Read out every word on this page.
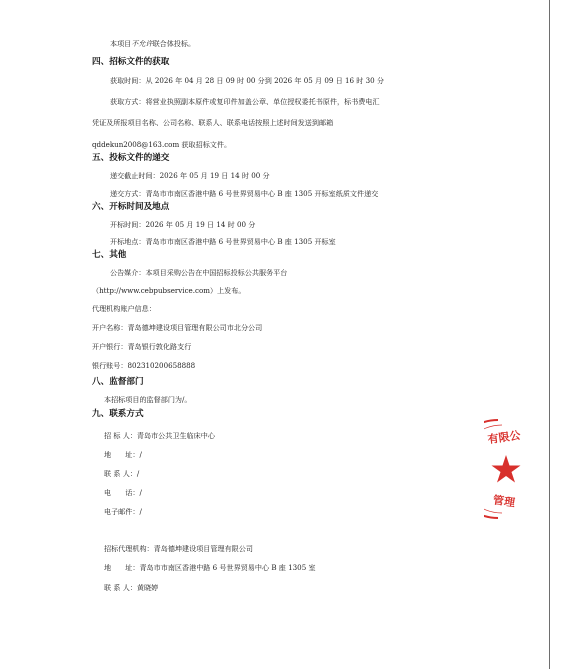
本项目不允许联合体投标。
四、招标文件的获取
获取时间：从 2026 年 04 月 28 日 09 时 00 分到 2026 年 05 月 09 日 16 时 30 分
获取方式：将营业执照副本原件或复印件加盖公章、单位授权委托书原件，标书费电汇
凭证及所报项目名称、公司名称、联系人、联系电话按照上述时间发送到邮箱
qddekun2008@163.com 获取招标文件。
五、投标文件的递交
递交截止时间：2026 年 05 月 19 日 14 时 00 分
递交方式：青岛市市南区香港中路 6 号世界贸易中心 B 座 1305 开标室纸质文件递交
六、开标时间及地点
开标时间：2026 年 05 月 19 日 14 时 00 分
开标地点：青岛市市南区香港中路 6 号世界贸易中心 B 座 1305 开标室
七、其他
公告媒介：本项目采购公告在中国招标投标公共服务平台
（http://www.cebpubservice.com）上发布。
代理机构账户信息：
开户名称：青岛德坤建设项目管理有限公司市北分公司
开户银行：青岛银行敦化路支行
银行账号：802310200658888
八、监督部门
本招标项目的监督部门为/。
九、联系方式
招 标 人：青岛市公共卫生临床中心
地　　址：/
联 系 人：/
电　　话：/
电子邮件：/
招标代理机构：青岛德坤建设项目管理有限公司
地　　址：青岛市市南区香港中路 6 号世界贸易中心 B 座 1305 室
联 系 人：黄晓婷
有限公
管理
